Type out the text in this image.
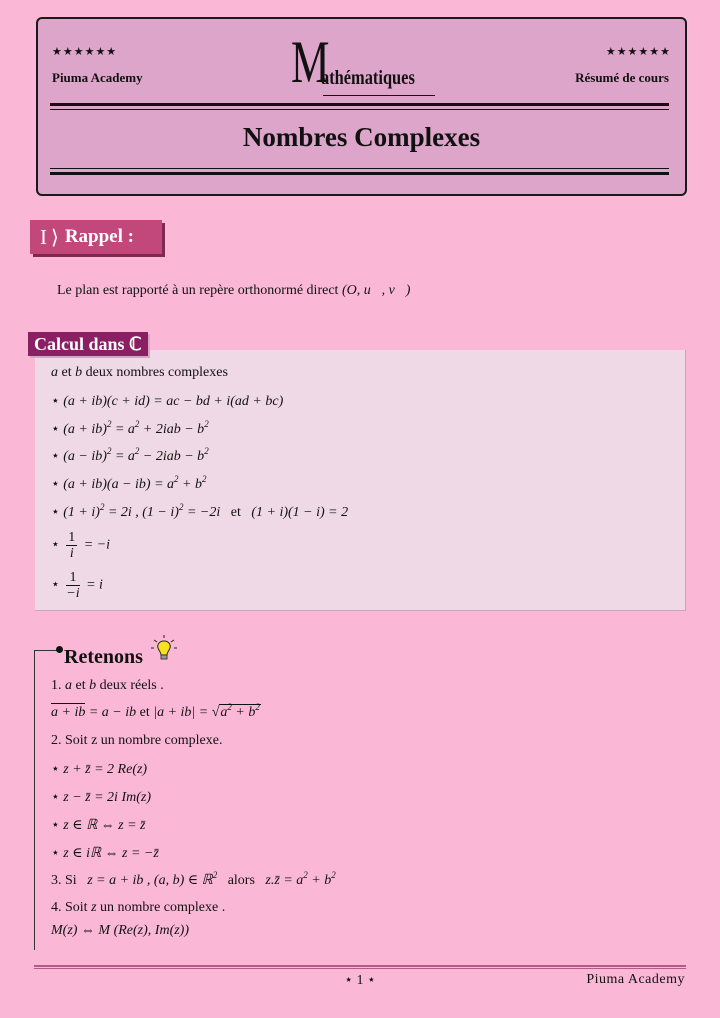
★★★★★★	★★★★★★
Piuma Academy	Résumé de cours
M
athématiques
Nombres Complexes
I ⟩ Rappel :
Le plan est rapporté à un repère orthonormé direct (O, u⃗, v⃗)
Calcul dans ℂ
a et b deux nombres complexes
⋆ (a + ib)(c + id) = ac − bd + i(ad + bc)
⋆ $(a + ib)^2 = a^2 + 2iab - b^2$
⋆ $(a - ib)^2 = a^2 - 2iab - b^2$
⋆ $(a + ib)(a - ib) = a^2 + b^2$
⋆ $(1 + i)^2 = 2i$ , $(1 - i)^2 = -2i$ et (1 + i)(1 − i) = 2
⋆ $\frac{1}{i} = -i$
⋆ $\frac{1}{-i} = i$
Retenons
1. a et b deux réels .
a + ib = a − ib et $|a + ib| = √a^2 + b^2$
2. Soit z un nombre complexe.
⋆ z + z̄ = 2 Re(z)
⋆ z − z̄ = 2i Im(z)
⋆ z ∈ ℝ ⇔ z = z̄
⋆ z ∈ iℝ ⇔ z = −z̄
3. Si z = a + ib , (a, b) ∈ ℝ$^2$ alors z.z̄ = $a^2 + b^2$
4. Soit z un nombre complexe .
M(z) ⇔ M (Re(z), Im(z))
⋆ 1 ⋆	Piuma Academy
